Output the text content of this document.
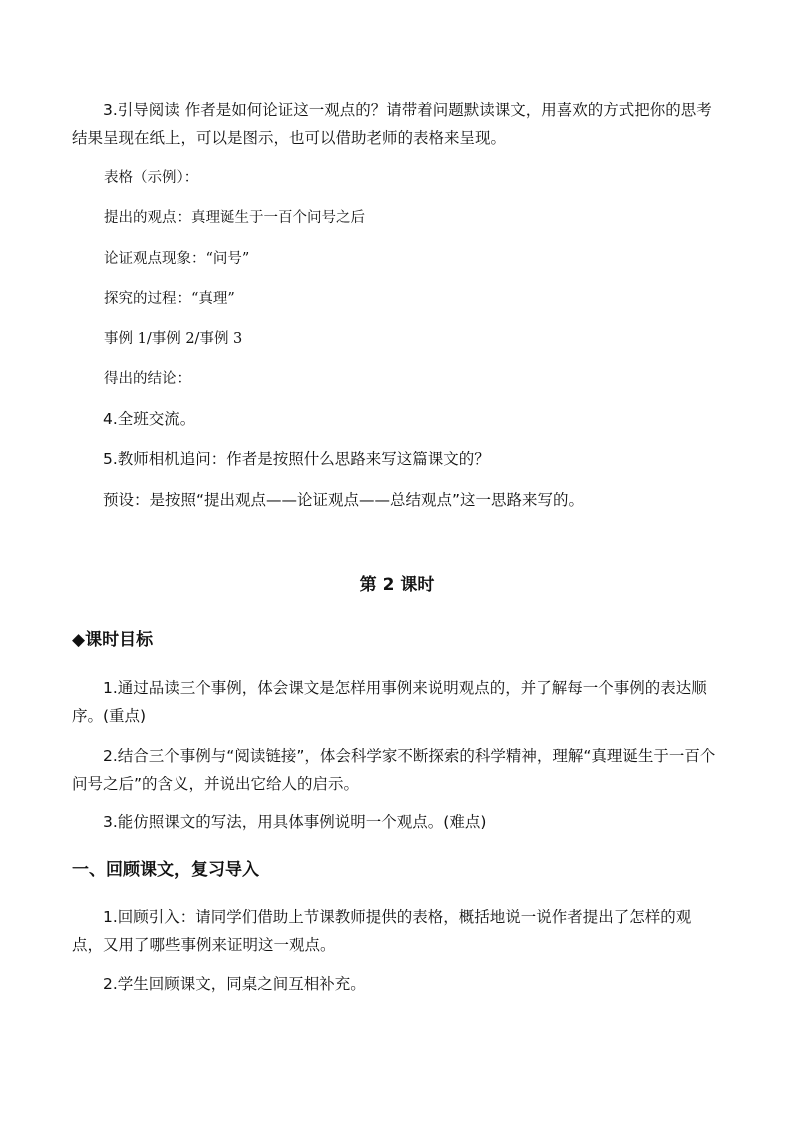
3.引导阅读 作者是如何论证这一观点的？请带着问题默读课文，用喜欢的方式把你的思考结果呈现在纸上，可以是图示，也可以借助老师的表格来呈现。
表格（示例）：
提出的观点：真理诞生于一百个问号之后
论证观点现象：“问号”
探究的过程：“真理”
事例 1/事例 2/事例 3
得出的结论：
4.全班交流。
5.教师相机追问：作者是按照什么思路来写这篇课文的？
预设：是按照“提出观点——论证观点——总结观点”这一思路来写的。
第 2 课时
◆课时目标
1.通过品读三个事例，体会课文是怎样用事例来说明观点的，并了解每一个事例的表达顺序。(重点)
2.结合三个事例与“阅读链接”，体会科学家不断探索的科学精神，理解“真理诞生于一百个问号之后”的含义，并说出它给人的启示。
3.能仿照课文的写法，用具体事例说明一个观点。(难点)
一、回顾课文，复习导入
1.回顾引入：请同学们借助上节课教师提供的表格，概括地说一说作者提出了怎样的观点，又用了哪些事例来证明这一观点。
2.学生回顾课文，同桌之间互相补充。
